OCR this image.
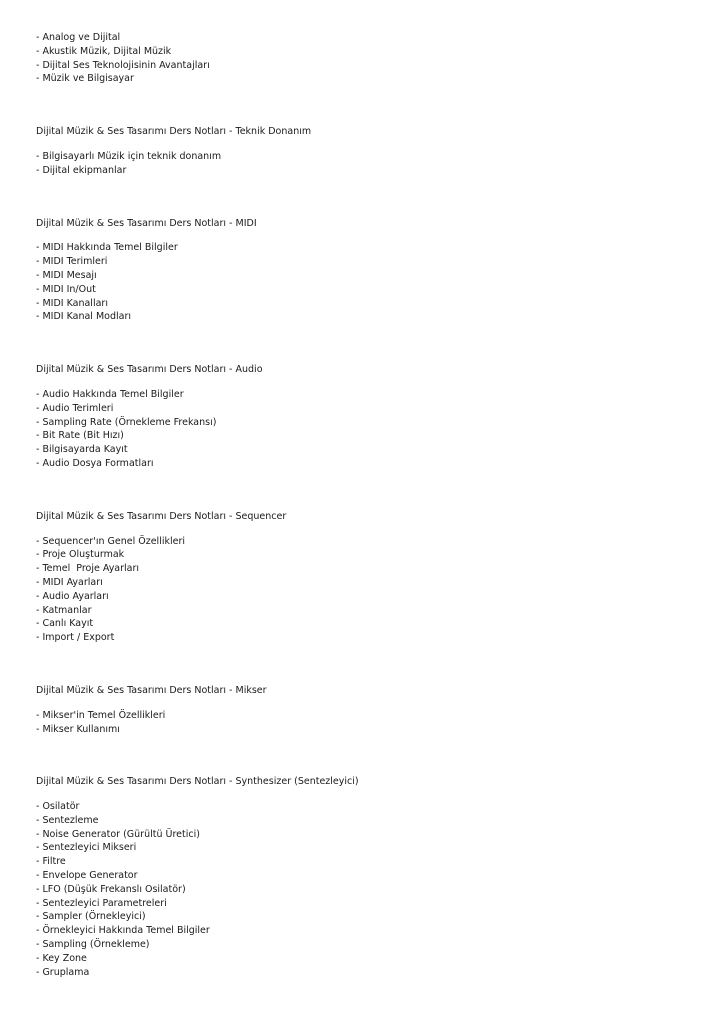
- Analog ve Dijital

- Akustik Müzik, Dijital Müzik

- Dijital Ses Teknolojisinin Avantajları

- Müzik ve Bilgisayar

Dijital Müzik & Ses Tasarımı Ders Notları - Teknik Donanım

- Bilgisayarlı Müzik için teknik donanım

- Dijital ekipmanlar

Dijital Müzik & Ses Tasarımı Ders Notları - MIDI

- MIDI Hakkında Temel Bilgiler

- MIDI Terimleri

- MIDI Mesajı

- MIDI In/Out

- MIDI Kanalları

- MIDI Kanal Modları

Dijital Müzik & Ses Tasarımı Ders Notları - Audio

- Audio Hakkında Temel Bilgiler

- Audio Terimleri

- Sampling Rate (Örnekleme Frekansı)

- Bit Rate (Bit Hızı)

- Bilgisayarda Kayıt

- Audio Dosya Formatları

Dijital Müzik & Ses Tasarımı Ders Notları - Sequencer

- Sequencer'ın Genel Özellikleri

- Proje Oluşturmak

- Temel  Proje Ayarları

- MIDI Ayarları

- Audio Ayarları

- Katmanlar

- Canlı Kayıt

- Import / Export

Dijital Müzik & Ses Tasarımı Ders Notları - Mikser

- Mikser'in Temel Özellikleri

- Mikser Kullanımı

Dijital Müzik & Ses Tasarımı Ders Notları - Synthesizer (Sentezleyici)

- Osilatör

- Sentezleme

- Noise Generator (Gürültü Üretici)

- Sentezleyici Mikseri

- Filtre

- Envelope Generator

- LFO (Düşük Frekanslı Osilatör)

- Sentezleyici Parametreleri

- Sampler (Örnekleyici)

- Örnekleyici Hakkında Temel Bilgiler

- Sampling (Örnekleme)

- Key Zone

- Gruplama
